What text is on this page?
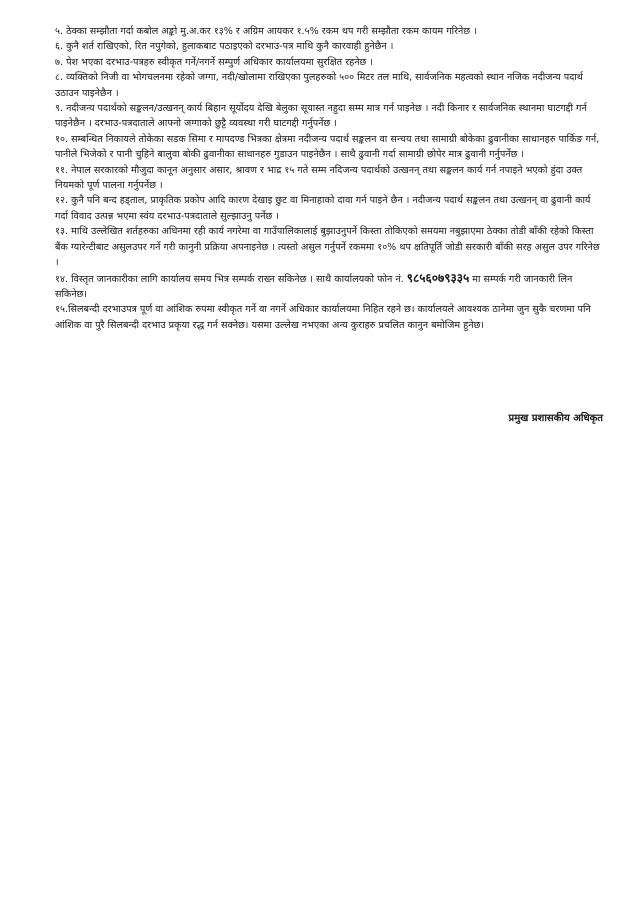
५. ठेक्का सम्झौता गर्दा कबोल अङ्को मु.अ.कर १३% र अग्रिम आयकर १.५% रकम थप गरी सम्झौता रकम कायम गरिनेछ ।

६. कुनै शर्त राखिएको, रित नपुगेको, हुलाकबाट पठाइएको दरभाउ-पत्र माथि कुनै कारवाही हुनेछैन ।

७. पेश भएका दरभाउ-पत्रहरु स्वीकृत गर्ने/नगर्ने सम्पुर्ण अधिकार कार्यालयमा सुरक्षित रहनेछ ।

८. व्यक्तिको निजी वा भोगचलनमा रहेको जग्गा, नदी/खोलामा राखिएका पुलहरुको ५०० मिटर तल माथि, सार्वजनिक महत्वको स्थान नजिक नदीजन्य पदार्थ उठाउन पाइनेछैन ।

९. नदीजन्य पदार्थको सङ्कलन/उत्खनन् कार्य बिहान सूर्योदय देखि बेलुका सूयास्त नहुदा सम्म मात्र गर्न पाइनेछ । नदी किनार र सार्वजनिक स्थानमा घाटगद्दी गर्न पाइनेछैन । दरभाउ-पत्रदाताले आफ्नो जग्गाको छुट्टै व्यवस्था गरी घाटगद्दी गर्नुपर्नेछ ।

१०. सम्बन्धित निकायले तोकेका सडक सिमा र मापदण्ड भित्रका क्षेत्रमा नदीजन्य पदार्थ सङ्कलन वा सन्चय तथा सामाग्री बोकेका ढुवानीका साधानहरु पार्किङ गर्न, पानीले भिजेको र पानी चुहिने बालुवा बोकी ढुवानीका साधानहरु गुडाउन पाइनेछैन । साथै ढुवानी गर्दा सामाग्री छोपेर मात्र ढुवानी गर्नुपर्नेछ ।

११. नेपाल सरकारको मौजुदा कानून अनुसार असार, श्रावण र भाद्र १५ गते सम्म नदिजन्य पदार्थको उत्खनन् तथा सङ्कलन कार्य गर्न नपाइने भएको हुंदा उक्त नियमको पूर्ण पालना गर्नुपर्नेछ ।

१२. कुनै पनि बन्द हड्ताल, प्राकृतिक प्रकोप आदि कारण देखाइ छुट वा मिनाहाको दावा गर्न पाइने छैन । नदीजन्य पदार्थ सङ्कलन तथा उत्खनन् वा ढुवानी कार्य गर्दा विवाद उत्पन्न भएमा स्वंय दरभाउ-पत्रदाताले सुल्झाउनु पर्नेछ ।

१३. माथि उल्लेखित शर्तहरुका अधिनमा रही कार्य नगरेमा वा गाउँपालिकालाई बुझाउनुपर्ने किस्ता तोकिएको समयमा नबुझाएमा ठेक्का तोडी बाँकी रहेको किस्ता बैंक ग्यारेन्टीबाट असुलउपर गर्ने गरी कानुनी प्रक्रिया अपनाइनेछ । त्यस्तो असुल गर्नुपर्ने रकममा १०% थप क्षतिपूर्ति जोडी सरकारी बाँकी सरह असुल उपर गरिनेछ ।

१४. विस्तृत जानकारीका लागि कार्यालय समय भित्र सम्पर्क राख्न सकिनेछ । साथै कार्यालयको फोन नं. ९८५६०७९३३५ मा सम्पर्क गरी जानकारी लिन सकिनेछ।

१५.सिलबन्दी दरभाउपत्र पूर्ण वा आंशिक रुपमा स्वीकृत गर्ने वा नगर्ने अधिकार कार्यालयमा निहित रहने छ। कार्यालयले आवश्यक ठानेमा जुन सुकै चरणमा पनि आंशिक वा पुरै सिलबन्दी दरभाउ प्रकृया रद्ध गर्न सक्नेछ। यसमा उल्लेख नभएका अन्य कुराहरु प्रचलित कानुन बमोजिम हुनेछ।

प्रमुख प्रशासकीय अधिकृत
